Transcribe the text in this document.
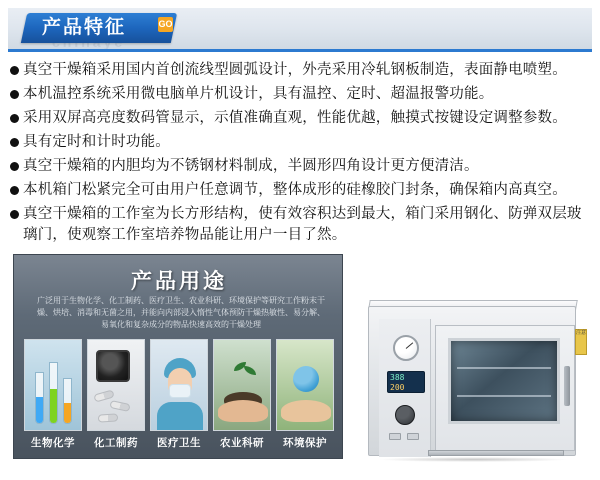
产品特征	GO
真空干燥箱采用国内首创流线型圆弧设计，外壳采用冷轧钢板制造，表面静电喷塑。
本机温控系统采用微电脑单片机设计，具有温控、定时、超温报警功能。
采用双屏高亮度数码管显示，示值准确直观，性能优越，触摸式按键设定调整参数。
具有定时和计时功能。
真空干燥箱的内胆均为不锈钢材料制成，半圆形四角设计更方便清洁。
本机箱门松紧完全可由用户任意调节，整体成形的硅橡胶门封条，确保箱内高真空。
真空干燥箱的工作室为长方形结构，使有效容积达到最大，箱门采用钢化、防弹双层玻璃门，使观察工作室培养物品能让用户一目了然。
产品用途
广泛用于生物化学、化工制药、医疗卫生、农业科研、环境保护等研究工作粉末干燥、烘培、消毒和无菌之用，并能向内部浸入惰性气体预防干燥热敏性、易分解、易氧化和复杂成分的物品快速高效的干燥处理
生物化学	化工制药	医疗卫生	农业科研	环境保护
388
200
注意
